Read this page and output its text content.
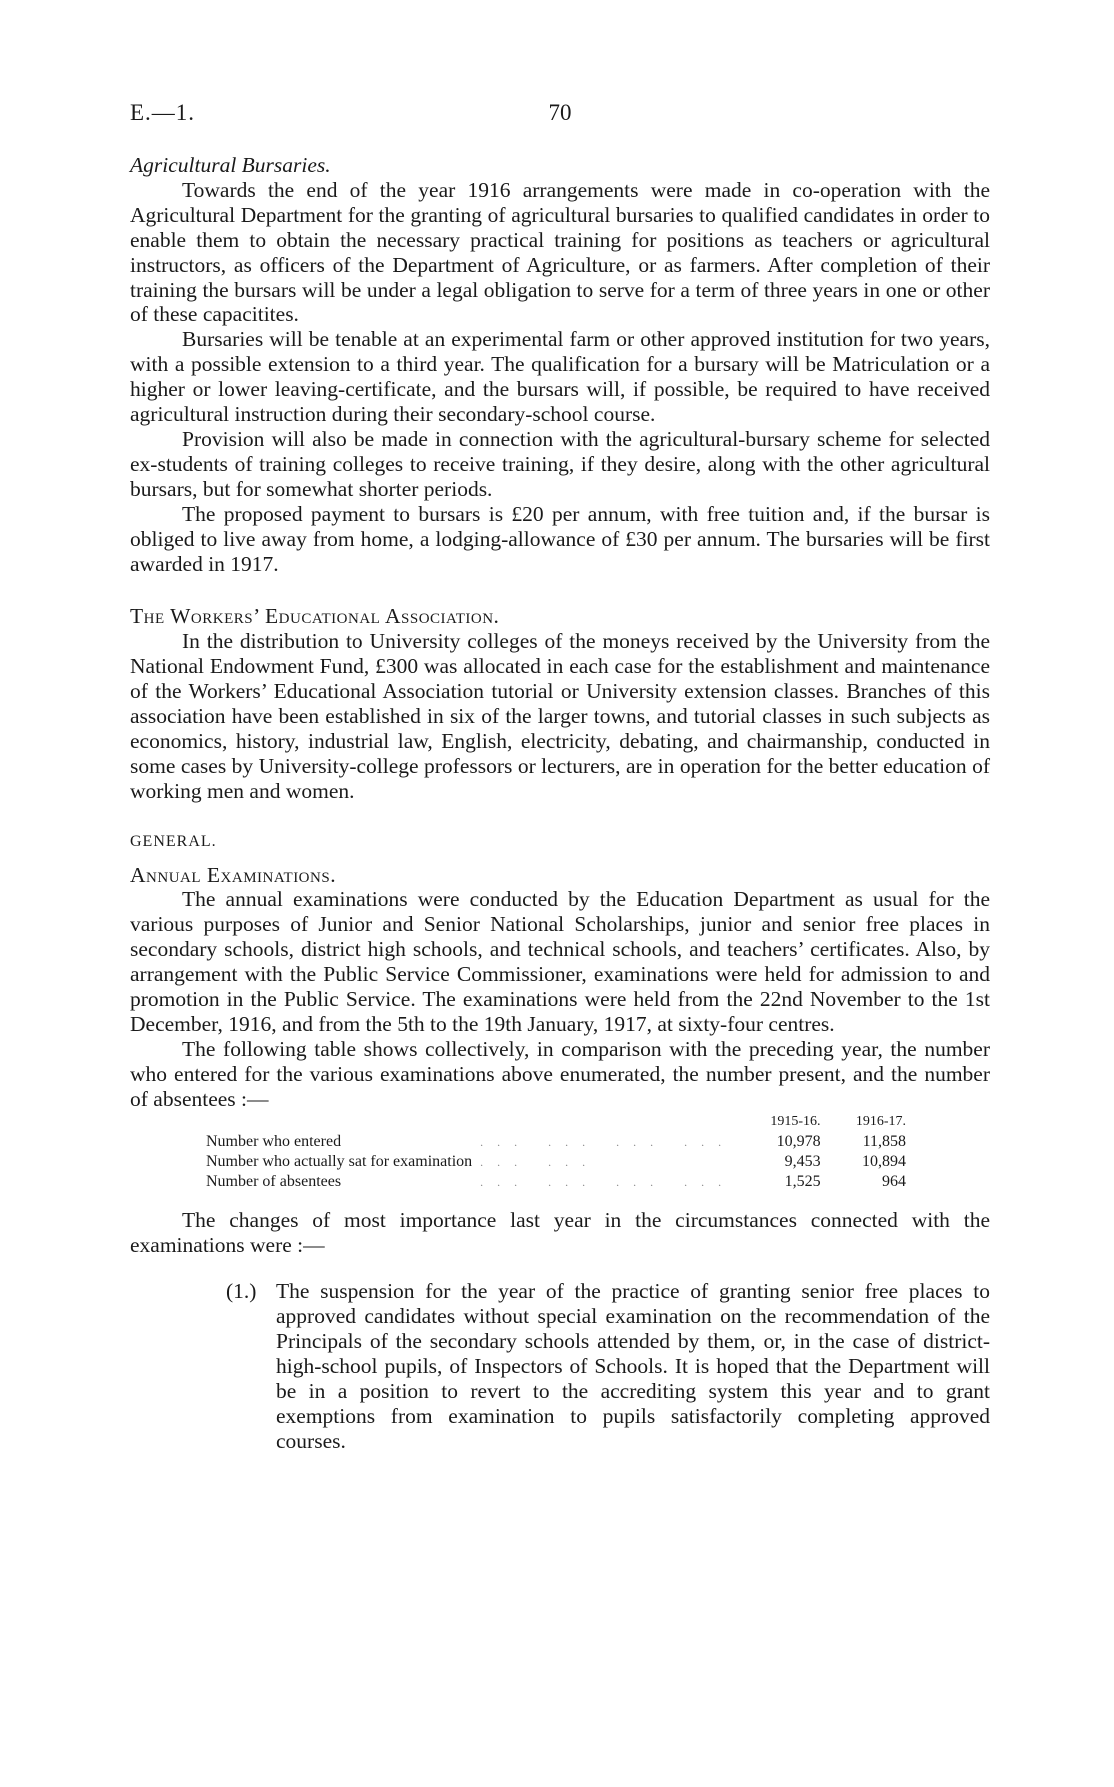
E.—1.	70

Agricultural Bursaries.

Towards the end of the year 1916 arrangements were made in co-operation with the Agricultural Department for the granting of agricultural bursaries to qualified candidates in order to enable them to obtain the necessary practical training for positions as teachers or agricultural instructors, as officers of the Department of Agriculture, or as farmers. After completion of their training the bursars will be under a legal obligation to serve for a term of three years in one or other of these capacitites.

Bursaries will be tenable at an experimental farm or other approved institution for two years, with a possible extension to a third year. The qualification for a bursary will be Matriculation or a higher or lower leaving-certificate, and the bursars will, if possible, be required to have received agricultural instruction during their secondary-school course.

Provision will also be made in connection with the agricultural-bursary scheme for selected ex-students of training colleges to receive training, if they desire, along with the other agricultural bursars, but for somewhat shorter periods.

The proposed payment to bursars is £20 per annum, with free tuition and, if the bursar is obliged to live away from home, a lodging-allowance of £30 per annum. The bursaries will be first awarded in 1917.

The Workers’ Educational Association.

In the distribution to University colleges of the moneys received by the University from the National Endowment Fund, £300 was allocated in each case for the establishment and maintenance of the Workers’ Educational Association tutorial or University extension classes. Branches of this association have been established in six of the larger towns, and tutorial classes in such subjects as economics, history, industrial law, English, electricity, debating, and chairmanship, conducted in some cases by University-college professors or lecturers, are in operation for the better education of working men and women.

GENERAL.

Annual Examinations.

The annual examinations were conducted by the Education Department as usual for the various purposes of Junior and Senior National Scholarships, junior and senior free places in secondary schools, district high schools, and technical schools, and teachers’ certificates. Also, by arrangement with the Public Service Commissioner, examinations were held for admission to and promotion in the Public Service. The examinations were held from the 22nd November to the 1st December, 1916, and from the 5th to the 19th January, 1917, at sixty-four centres.

The following table shows collectively, in comparison with the preceding year, the number who entered for the various examinations above enumerated, the number present, and the number of absentees :—

		1915-16.	1916-17.
Number who entered	... ... ... ...	10,978	11,858
Number who actually sat for examination	... ...	9,453	10,894
Number of absentees	... ... ... ...	1,525	964

The changes of most importance last year in the circumstances connected with the examinations were :—

(1.) The suspension for the year of the practice of granting senior free places to approved candidates without special examination on the recommendation of the Principals of the secondary schools attended by them, or, in the case of district-high-school pupils, of Inspectors of Schools. It is hoped that the Department will be in a position to revert to the accrediting system this year and to grant exemptions from examination to pupils satisfactorily completing approved courses.
